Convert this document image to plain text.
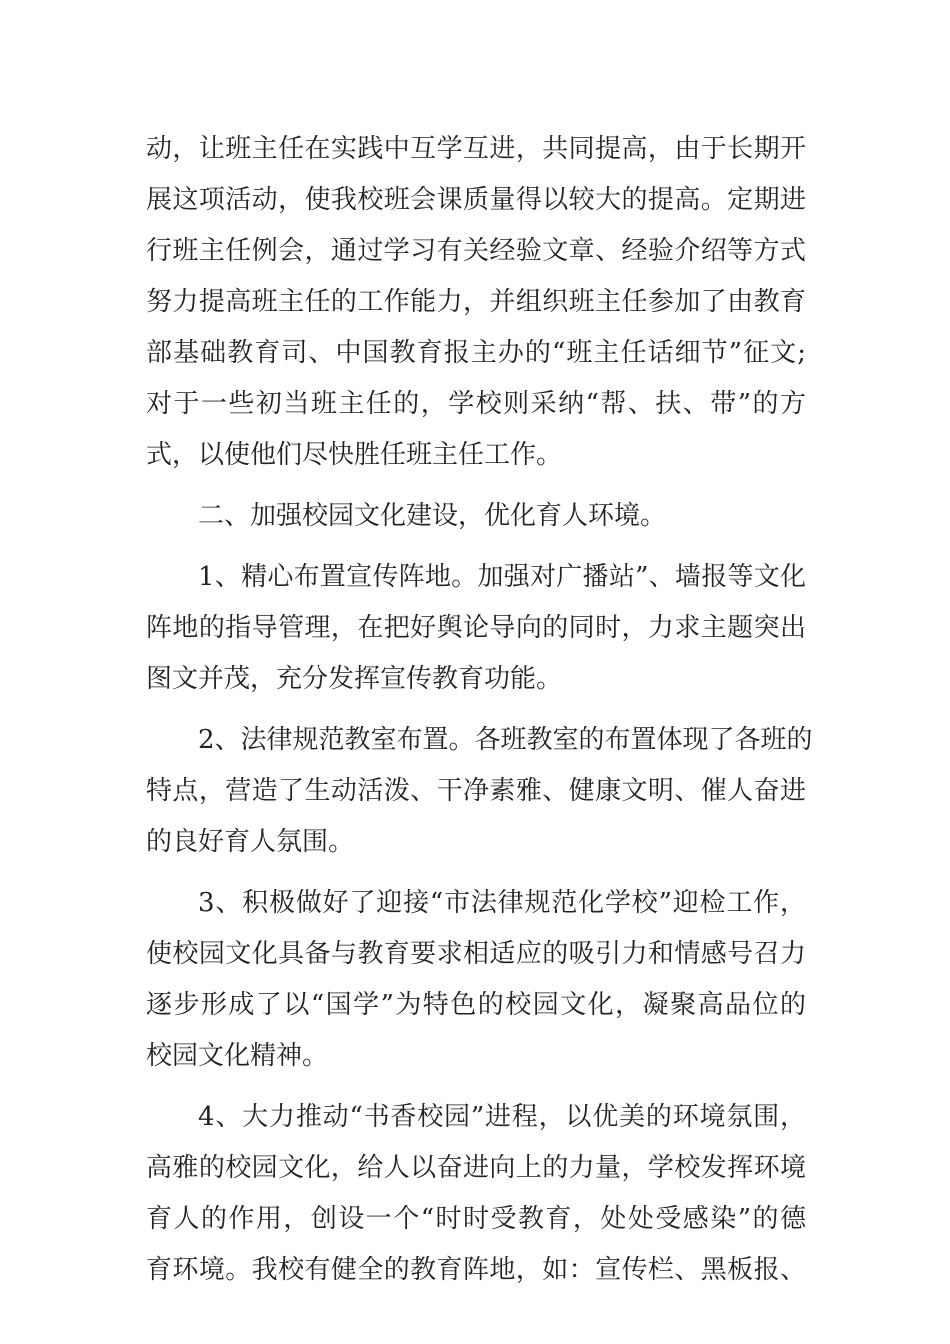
动，让班主任在实践中互学互进，共同提高，由于长期开
展这项活动，使我校班会课质量得以较大的提高。定期进
行班主任例会，通过学习有关经验文章、经验介绍等方式
努力提高班主任的工作能力，并组织班主任参加了由教育
部基础教育司、中国教育报主办的“班主任话细节”征文;
对于一些初当班主任的，学校则采纳“帮、扶、带”的方
式，以使他们尽快胜任班主任工作。
二、加强校园文化建设，优化育人环境。
1、精心布置宣传阵地。加强对广播站”、墙报等文化
阵地的指导管理，在把好舆论导向的同时，力求主题突出
图文并茂，充分发挥宣传教育功能。
2、法律规范教室布置。各班教室的布置体现了各班的
特点，营造了生动活泼、干净素雅、健康文明、催人奋进
的良好育人氛围。
3、积极做好了迎接“市法律规范化学校”迎检工作，
使校园文化具备与教育要求相适应的吸引力和情感号召力
逐步形成了以“国学”为特色的校园文化，凝聚高品位的
校园文化精神。
4、大力推动“书香校园”进程，以优美的环境氛围，
高雅的校园文化，给人以奋进向上的力量，学校发挥环境
育人的作用，创设一个“时时受教育，处处受感染”的德
育环境。我校有健全的教育阵地，如：宣传栏、黑板报、
